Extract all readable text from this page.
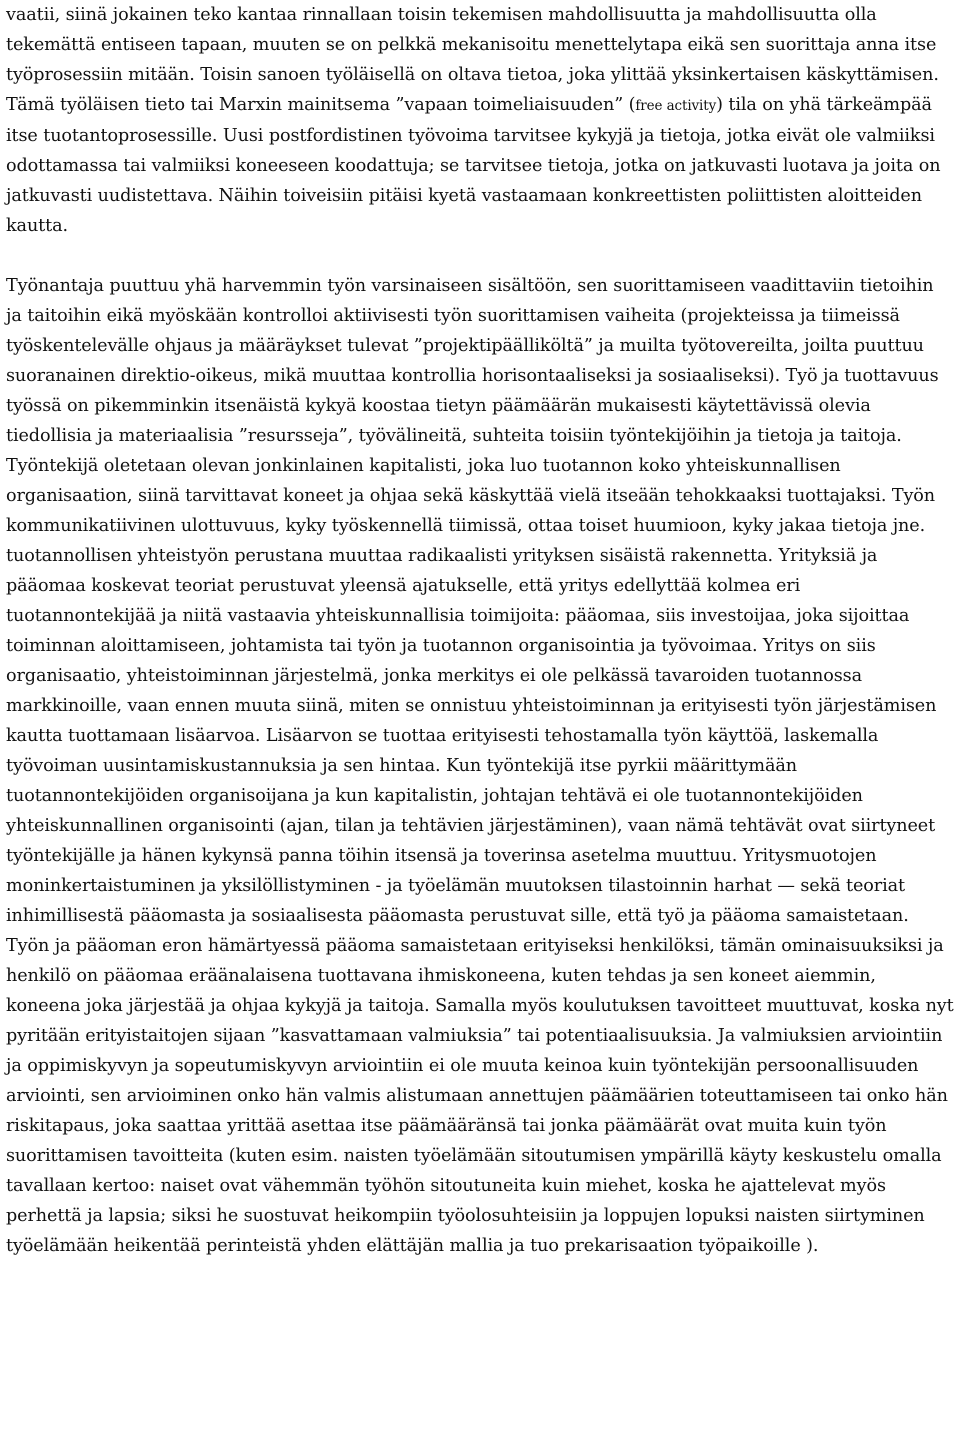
vaatii, siinä jokainen teko kantaa rinnallaan toisin tekemisen mahdollisuutta ja mahdollisuutta olla tekemättä entiseen tapaan, muuten se on pelkkä mekanisoitu menettelytapa eikä sen suorittaja anna itse työprosessiin mitään. Toisin sanoen työläisellä on oltava tietoa, joka ylittää yksinkertaisen käskyttämisen. Tämä työläisen tieto tai Marxin mainitsema ”vapaan toimeliaisuuden” (free activity) tila on yhä tärkeämpää itse tuotantoprosessille. Uusi postfordistinen työvoima tarvitsee kykyjä ja tietoja, jotka eivät ole valmiiksi odottamassa tai valmiiksi koneeseen koodattuja; se tarvitsee tietoja, jotka on jatkuvasti luotava ja joita on jatkuvasti uudistettava. Näihin toiveisiin pitäisi kyetä vastaamaan konkreettisten poliittisten aloitteiden kautta.

Työnantaja puuttuu yhä harvemmin työn varsinaiseen sisältöön, sen suorittamiseen vaadittaviin tietoihin ja taitoihin eikä myöskään kontrolloi aktiivisesti työn suorittamisen vaiheita (projekteissa ja tiimeissä työskentelevälle ohjaus ja määräykset tulevat ”projektipäälliköltä” ja muilta työtovereilta, joilta puuttuu suoranainen direktio-oikeus, mikä muuttaa kontrollia horisontaaliseksi ja sosiaaliseksi). Työ ja tuottavuus työssä on pikemminkin itsenäistä kykyä koostaa tietyn päämäärän mukaisesti käytettävissä olevia tiedollisia ja materiaalisia ”resursseja”, työvälineitä, suhteita toisiin työntekijöihin ja tietoja ja taitoja. Työntekijä oletetaan olevan jonkinlainen kapitalisti, joka luo tuotannon koko yhteiskunnallisen organisaation, siinä tarvittavat koneet ja ohjaa sekä käskyttää vielä itseään tehokkaaksi tuottajaksi. Työn kommunikatiivinen ulottuvuus, kyky työskennellä tiimissä, ottaa toiset huumioon, kyky jakaa tietoja jne. tuotannollisen yhteistyön perustana muuttaa radikaalisti yrityksen sisäistä rakennetta. Yrityksiä ja pääomaa koskevat teoriat perustuvat yleensä ajatukselle, että yritys edellyttää kolmea eri tuotannontekijää ja niitä vastaavia yhteiskunnallisia toimijoita: pääomaa, siis investoijaa, joka sijoittaa toiminnan aloittamiseen, johtamista tai työn ja tuotannon organisointia ja työvoimaa. Yritys on siis organisaatio, yhteistoiminnan järjestelmä, jonka merkitys ei ole pelkässä tavaroiden tuotannossa markkinoille, vaan ennen muuta siinä, miten se onnistuu yhteistoiminnan ja erityisesti työn järjestämisen kautta tuottamaan lisäarvoa. Lisäarvon se tuottaa erityisesti tehostamalla työn käyttöä, laskemalla työvoiman uusintamiskustannuksia ja sen hintaa. Kun työntekijä itse pyrkii määrittymään tuotannontekijöiden organisoijana ja kun kapitalistin, johtajan tehtävä ei ole tuotannontekijöiden yhteiskunnallinen organisointi (ajan, tilan ja tehtävien järjestäminen), vaan nämä tehtävät ovat siirtyneet työntekijälle ja hänen kykynsä panna töihin itsensä ja toverinsa asetelma muuttuu. Yritysmuotojen moninkertaistuminen ja yksilöllistyminen - ja työelämän muutoksen tilastoinnin harhat — sekä teoriat inhimillisestä pääomasta ja sosiaalisesta pääomasta perustuvat sille, että työ ja pääoma samaistetaan. Työn ja pääoman eron hämärtyessä pääoma samaistetaan erityiseksi henkilöksi, tämän ominaisuuksiksi ja henkilö on pääomaa eräänalaisena tuottavana ihmiskoneena, kuten tehdas ja sen koneet aiemmin, koneena joka järjestää ja ohjaa kykyjä ja taitoja. Samalla myös koulutuksen tavoitteet muuttuvat, koska nyt pyritään erityistaitojen sijaan ”kasvattamaan valmiuksia” tai potentiaalisuuksia. Ja valmiuksien arviointiin ja oppimiskyvyn ja sopeutumiskyvyn arviointiin ei ole muuta keinoa kuin työntekijän persoonallisuuden arviointi, sen arvioiminen onko hän valmis alistumaan annettujen päämäärien toteuttamiseen tai onko hän riskitapaus, joka saattaa yrittää asettaa itse päämääränsä tai jonka päämäärät ovat muita kuin työn suorittamisen tavoitteita (kuten esim. naisten työelämään sitoutumisen ympärillä käyty keskustelu omalla tavallaan kertoo: naiset ovat vähemmän työhön sitoutuneita kuin miehet, koska he ajattelevat myös perhettä ja lapsia; siksi he suostuvat heikompiin työolosuhteisiin ja loppujen lopuksi naisten siirtyminen työelämään heikentää perinteistä yhden elättäjän mallia ja tuo prekarisaation työpaikoille ).
